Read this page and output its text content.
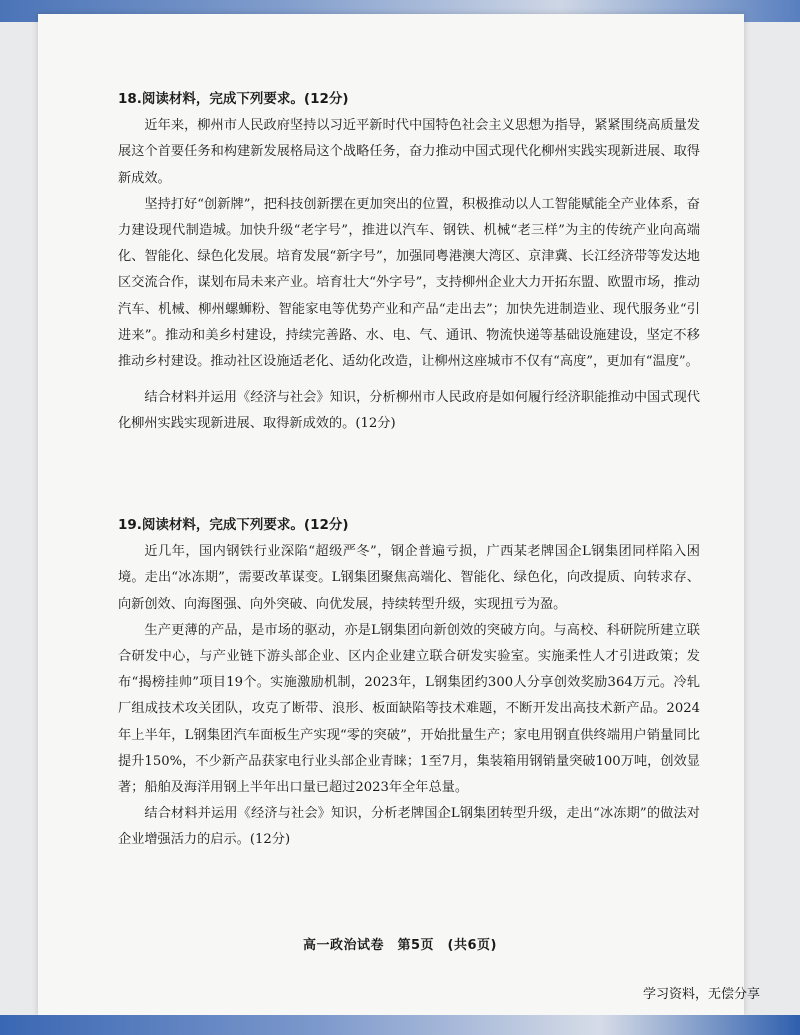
18.阅读材料，完成下列要求。(12分)

近年来，柳州市人民政府坚持以习近平新时代中国特色社会主义思想为指导，紧紧围绕高质量发展这个首要任务和构建新发展格局这个战略任务，奋力推动中国式现代化柳州实践实现新进展、取得新成效。

坚持打好“创新牌”，把科技创新摆在更加突出的位置，积极推动以人工智能赋能全产业体系，奋力建设现代制造城。加快升级“老字号”，推进以汽车、钢铁、机械“老三样”为主的传统产业向高端化、智能化、绿色化发展。培育发展“新字号”，加强同粤港澳大湾区、京津冀、长江经济带等发达地区交流合作，谋划布局未来产业。培育壮大“外字号”，支持柳州企业大力开拓东盟、欧盟市场，推动汽车、机械、柳州螺蛳粉、智能家电等优势产业和产品“走出去”；加快先进制造业、现代服务业“引进来”。推动和美乡村建设，持续完善路、水、电、气、通讯、物流快递等基础设施建设，坚定不移推动乡村建设。推动社区设施适老化、适幼化改造，让柳州这座城市不仅有“高度”，更加有“温度”。

结合材料并运用《经济与社会》知识，分析柳州市人民政府是如何履行经济职能推动中国式现代化柳州实践实现新进展、取得新成效的。(12分)

19.阅读材料，完成下列要求。(12分)

近几年，国内钢铁行业深陷“超级严冬”，钢企普遍亏损，广西某老牌国企L钢集团同样陷入困境。走出“冰冻期”，需要改革谋变。L钢集团聚焦高端化、智能化、绿色化，向改提质、向转求存、向新创效、向海图强、向外突破、向优发展，持续转型升级，实现扭亏为盈。

生产更薄的产品，是市场的驱动，亦是L钢集团向新创效的突破方向。与高校、科研院所建立联合研发中心，与产业链下游头部企业、区内企业建立联合研发实验室。实施柔性人才引进政策；发布“揭榜挂帅”项目19个。实施激励机制，2023年，L钢集团约300人分享创效奖励364万元。冷轧厂组成技术攻关团队，攻克了断带、浪形、板面缺陷等技术难题，不断开发出高技术新产品。2024年上半年，L钢集团汽车面板生产实现“零的突破”，开始批量生产；家电用钢直供终端用户销量同比提升150%，不少新产品获家电行业头部企业青睐；1至7月，集装箱用钢销量突破100万吨，创效显著；船舶及海洋用钢上半年出口量已超过2023年全年总量。

结合材料并运用《经济与社会》知识，分析老牌国企L钢集团转型升级，走出“冰冻期”的做法对企业增强活力的启示。(12分)

高一政治试卷　第5页　(共6页)
学习资料，无偿分享
